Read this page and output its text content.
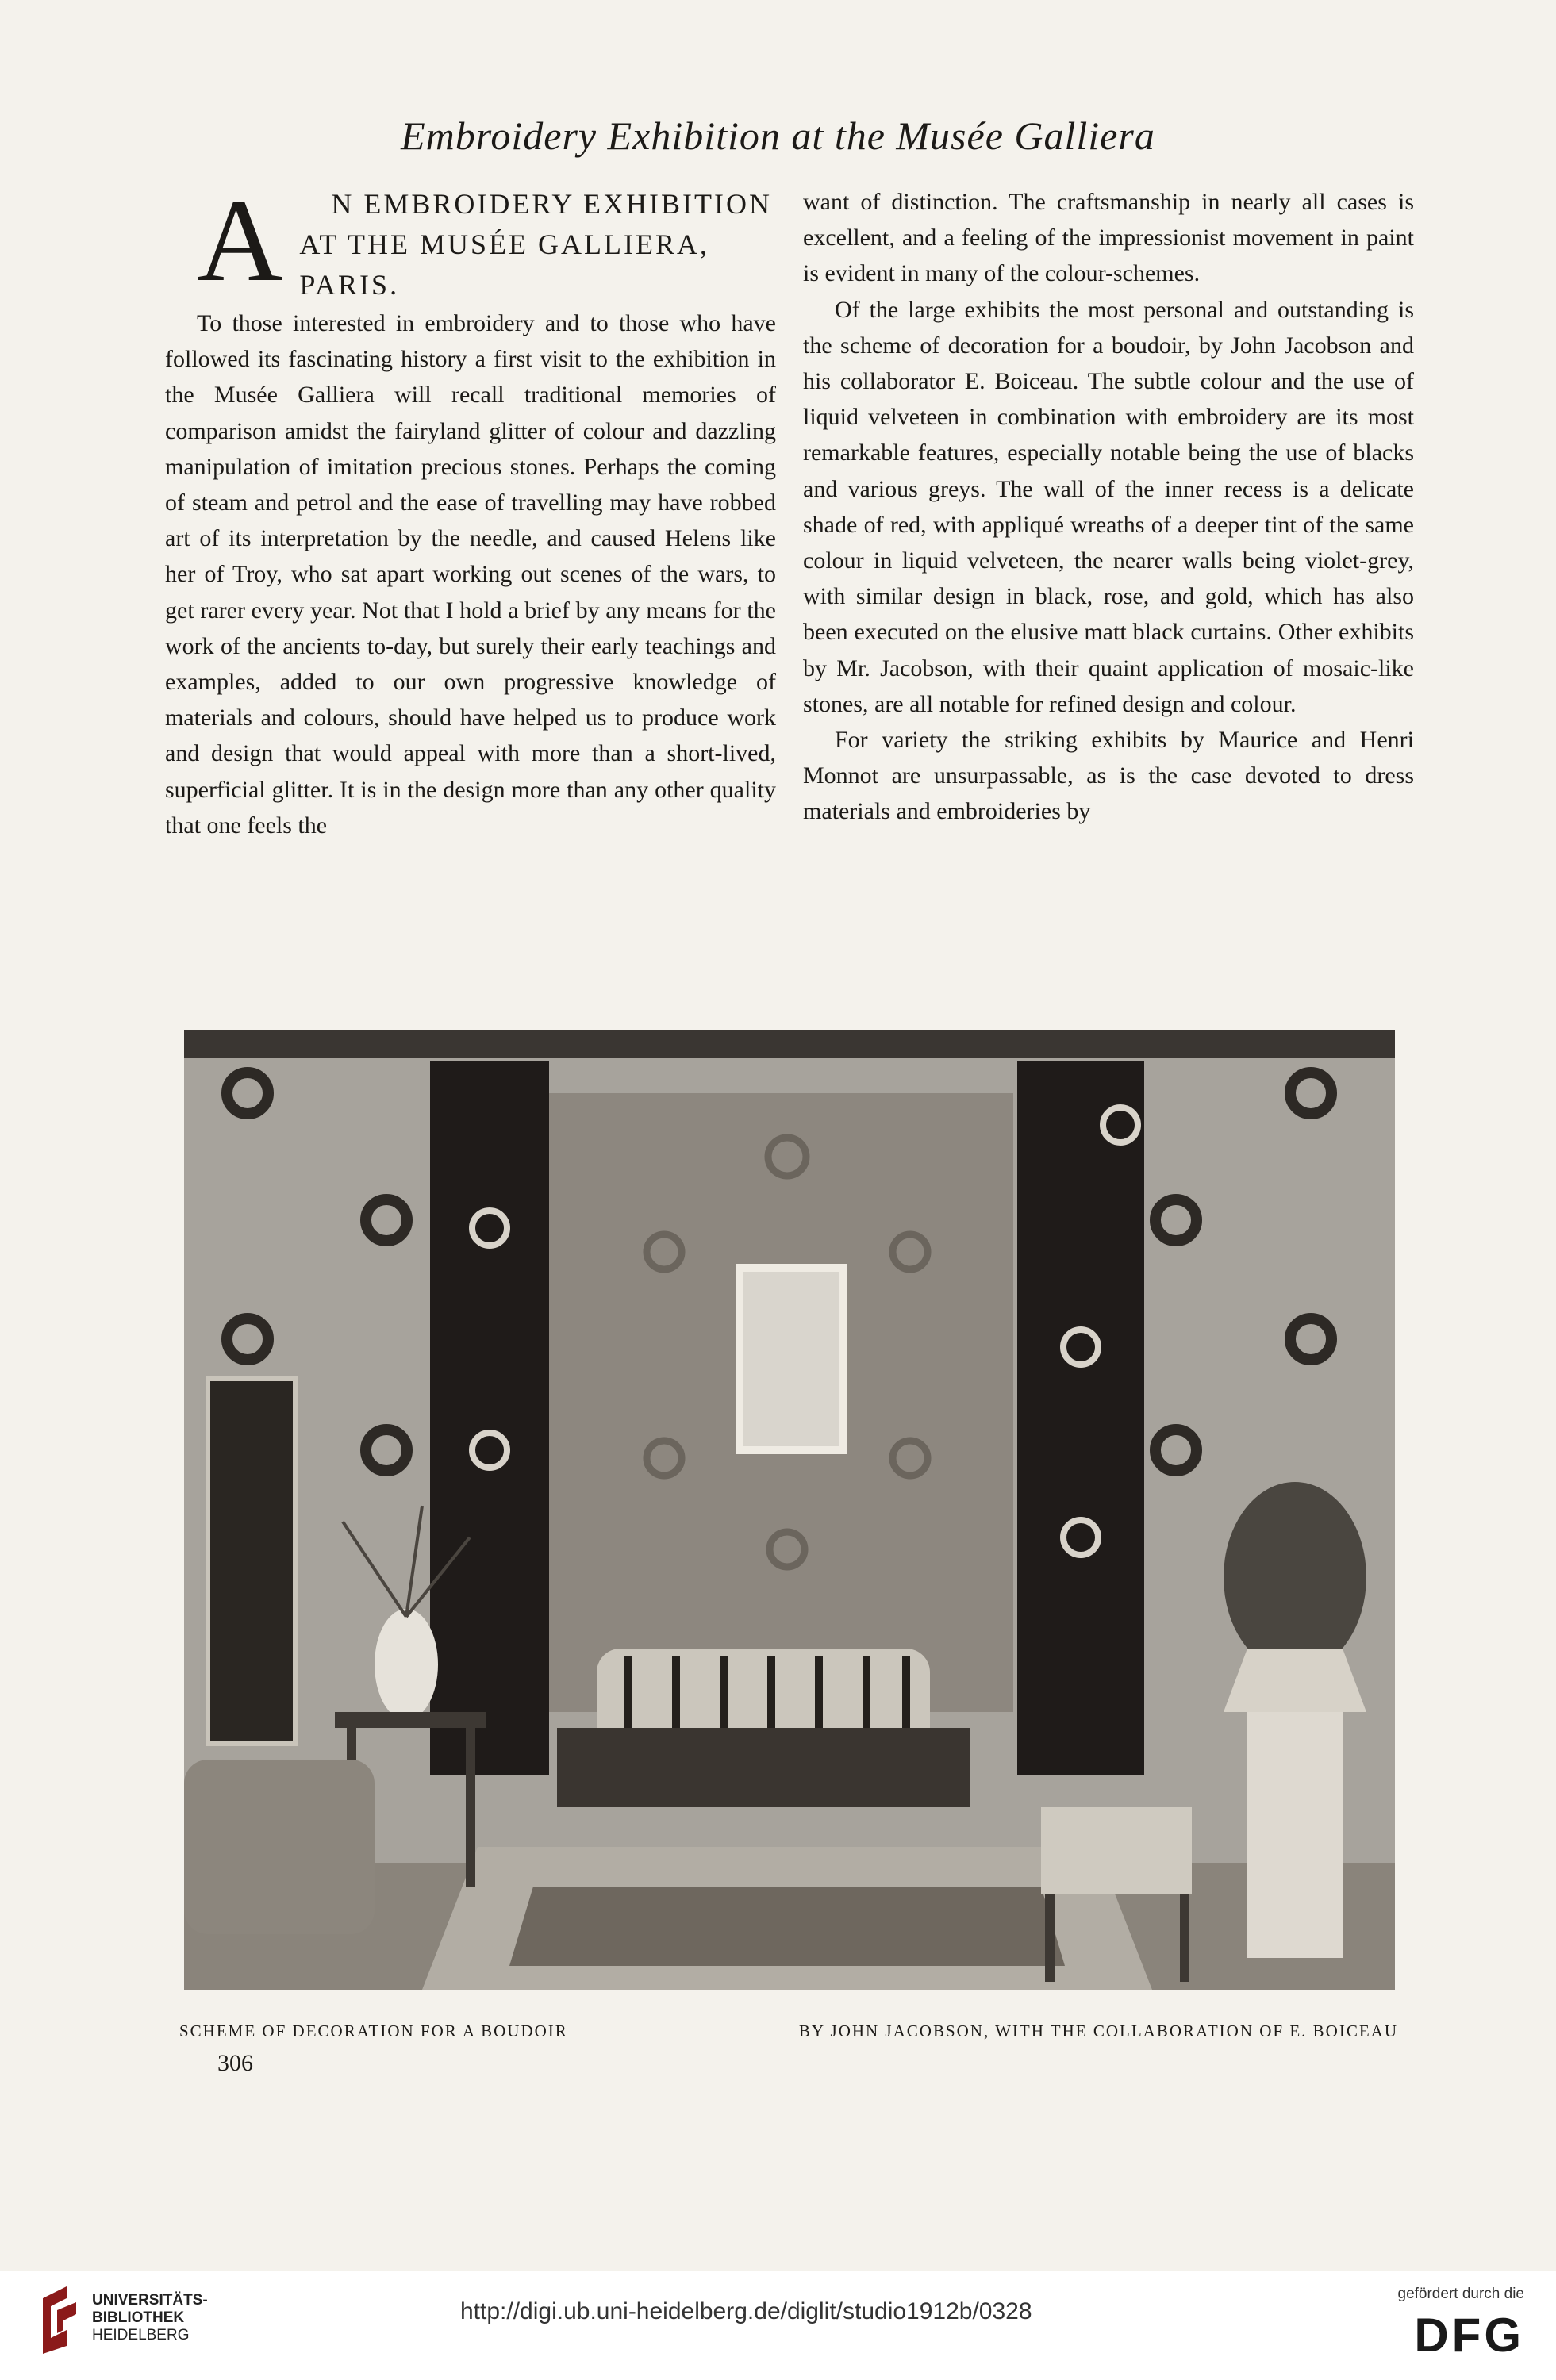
Embroidery Exhibition at the Musée Galliera

A N EMBROIDERY EXHIBITION AT THE MUSÉE GALLIERA, PARIS.

To those interested in embroidery and to those who have followed its fascinating history a first visit to the exhibition in the Musée Galliera will recall traditional memories of comparison amidst the fairyland glitter of colour and dazzling manipulation of imitation precious stones. Perhaps the coming of steam and petrol and the ease of travelling may have robbed art of its interpretation by the needle, and caused Helens like her of Troy, who sat apart working out scenes of the wars, to get rarer every year. Not that I hold a brief by any means for the work of the ancients to-day, but surely their early teachings and examples, added to our own progressive knowledge of materials and colours, should have helped us to produce work and design that would appeal with more than a short-lived, superficial glitter. It is in the design more than any other quality that one feels the

want of distinction. The craftsmanship in nearly all cases is excellent, and a feeling of the impressionist movement in paint is evident in many of the colour-schemes.

Of the large exhibits the most personal and outstanding is the scheme of decoration for a boudoir, by John Jacobson and his collaborator E. Boiceau. The subtle colour and the use of liquid velveteen in combination with embroidery are its most remarkable features, especially notable being the use of blacks and various greys. The wall of the inner recess is a delicate shade of red, with appliqué wreaths of a deeper tint of the same colour in liquid velveteen, the nearer walls being violet-grey, with similar design in black, rose, and gold, which has also been executed on the elusive matt black curtains. Other exhibits by Mr. Jacobson, with their quaint application of mosaic-like stones, are all notable for refined design and colour.

For variety the striking exhibits by Maurice and Henri Monnot are unsurpassable, as is the case devoted to dress materials and embroideries by

SCHEME OF DECORATION FOR A BOUDOIR	BY JOHN JACOBSON, WITH THE COLLABORATION OF E. BOICEAU
306
UNIVERSITÄTS-
BIBLIOTHEK
HEIDELBERG
http://digi.ub.uni-heidelberg.de/diglit/studio1912b/0328
gefördert durch die
DFG
